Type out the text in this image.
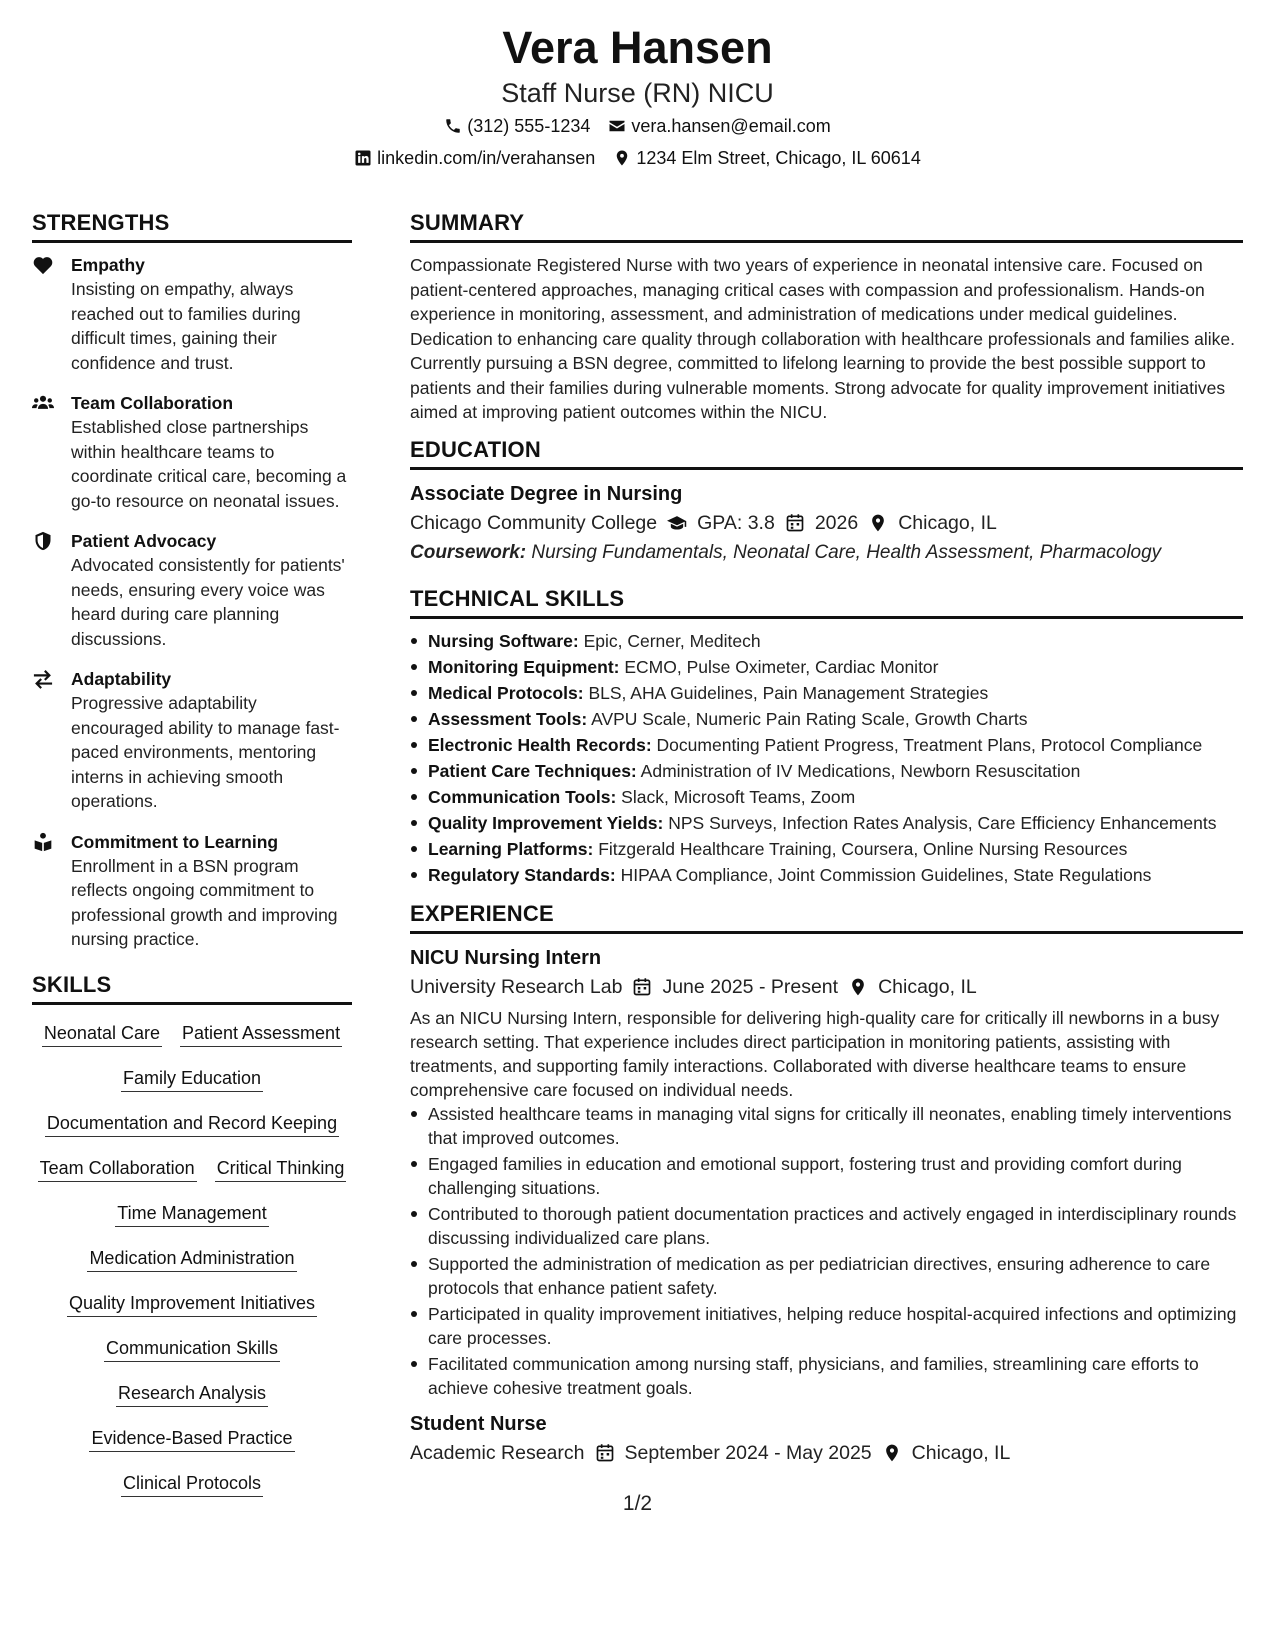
Vera Hansen
Staff Nurse (RN) NICU
(312) 555-1234 vera.hansen@email.com
linkedin.com/in/verahansen 1234 Elm Street, Chicago, IL 60614
STRENGTHS
Empathy
Insisting on empathy, always reached out to families during difficult times, gaining their confidence and trust.
Team Collaboration
Established close partnerships within healthcare teams to coordinate critical care, becoming a go-to resource on neonatal issues.
Patient Advocacy
Advocated consistently for patients' needs, ensuring every voice was heard during care planning discussions.
Adaptability
Progressive adaptability encouraged ability to manage fast-paced environments, mentoring interns in achieving smooth operations.
Commitment to Learning
Enrollment in a BSN program reflects ongoing commitment to professional growth and improving nursing practice.
SKILLS
Neonatal Care Patient Assessment
Family Education
Documentation and Record Keeping
Team Collaboration Critical Thinking
Time Management
Medication Administration
Quality Improvement Initiatives
Communication Skills
Research Analysis
Evidence-Based Practice
Clinical Protocols
SUMMARY
Compassionate Registered Nurse with two years of experience in neonatal intensive care. Focused on patient-centered approaches, managing critical cases with compassion and professionalism. Hands-on experience in monitoring, assessment, and administration of medications under medical guidelines. Dedication to enhancing care quality through collaboration with healthcare professionals and families alike. Currently pursuing a BSN degree, committed to lifelong learning to provide the best possible support to patients and their families during vulnerable moments. Strong advocate for quality improvement initiatives aimed at improving patient outcomes within the NICU.
EDUCATION
Associate Degree in Nursing
Chicago Community College GPA: 3.8 2026 Chicago, IL
Coursework: Nursing Fundamentals, Neonatal Care, Health Assessment, Pharmacology
TECHNICAL SKILLS
Nursing Software: Epic, Cerner, Meditech
Monitoring Equipment: ECMO, Pulse Oximeter, Cardiac Monitor
Medical Protocols: BLS, AHA Guidelines, Pain Management Strategies
Assessment Tools: AVPU Scale, Numeric Pain Rating Scale, Growth Charts
Electronic Health Records: Documenting Patient Progress, Treatment Plans, Protocol Compliance
Patient Care Techniques: Administration of IV Medications, Newborn Resuscitation
Communication Tools: Slack, Microsoft Teams, Zoom
Quality Improvement Yields: NPS Surveys, Infection Rates Analysis, Care Efficiency Enhancements
Learning Platforms: Fitzgerald Healthcare Training, Coursera, Online Nursing Resources
Regulatory Standards: HIPAA Compliance, Joint Commission Guidelines, State Regulations
EXPERIENCE
NICU Nursing Intern
University Research Lab June 2025 - Present Chicago, IL
As an NICU Nursing Intern, responsible for delivering high-quality care for critically ill newborns in a busy research setting. That experience includes direct participation in monitoring patients, assisting with treatments, and supporting family interactions. Collaborated with diverse healthcare teams to ensure comprehensive care focused on individual needs.
Assisted healthcare teams in managing vital signs for critically ill neonates, enabling timely interventions that improved outcomes.
Engaged families in education and emotional support, fostering trust and providing comfort during challenging situations.
Contributed to thorough patient documentation practices and actively engaged in interdisciplinary rounds discussing individualized care plans.
Supported the administration of medication as per pediatrician directives, ensuring adherence to care protocols that enhance patient safety.
Participated in quality improvement initiatives, helping reduce hospital-acquired infections and optimizing care processes.
Facilitated communication among nursing staff, physicians, and families, streamlining care efforts to achieve cohesive treatment goals.
Student Nurse
Academic Research September 2024 - May 2025 Chicago, IL
1/2
